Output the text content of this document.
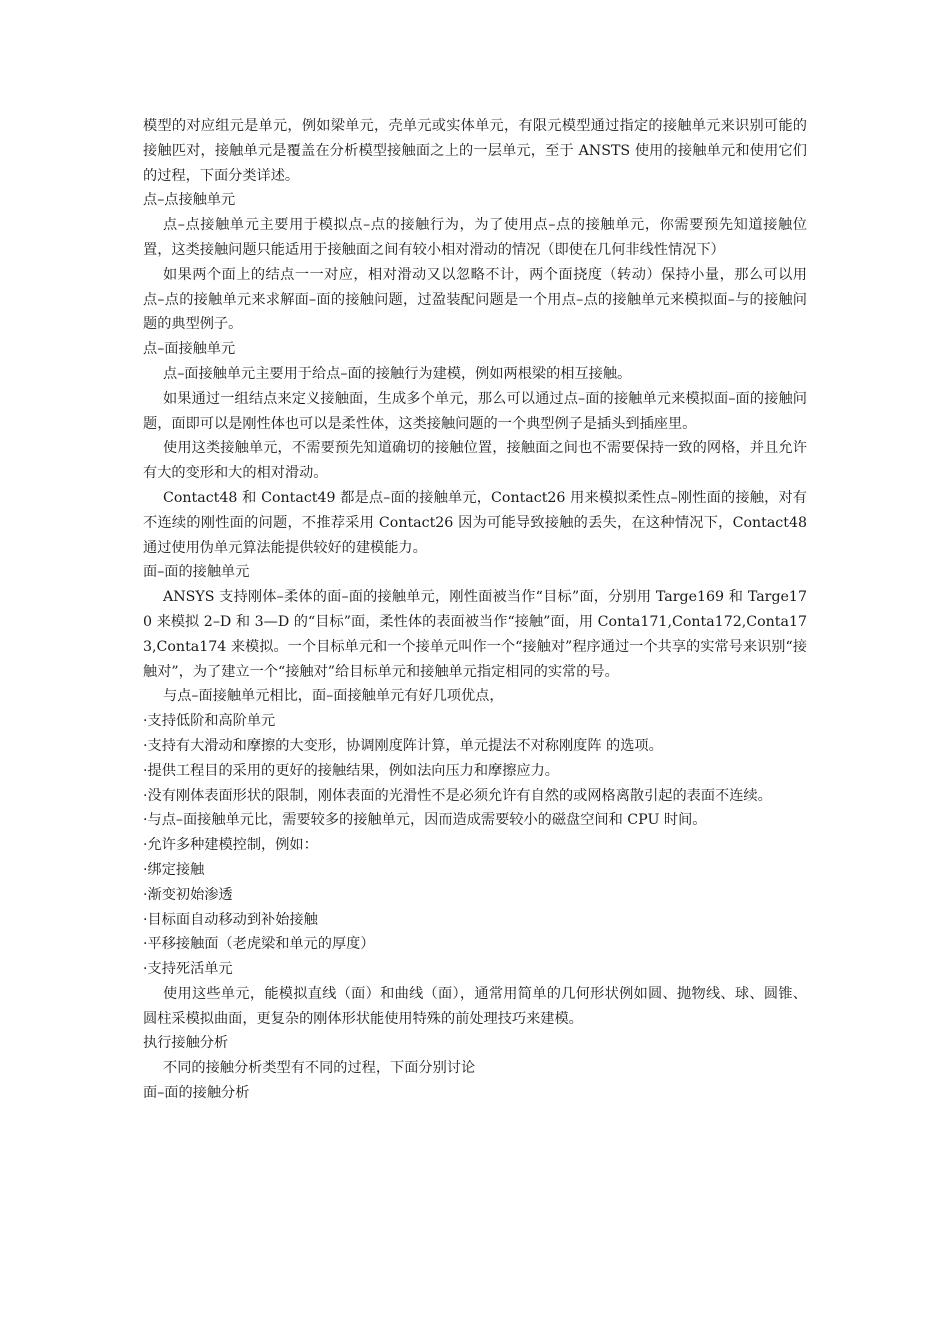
模型的对应组元是单元，例如梁单元，壳单元或实体单元，有限元模型通过指定的接触单元来识别可能的接触匹对，接触单元是覆盖在分析模型接触面之上的一层单元，至于 ANSTS 使用的接触单元和使用它们的过程，下面分类详述。

点–点接触单元

点–点接触单元主要用于模拟点–点的接触行为，为了使用点–点的接触单元，你需要预先知道接触位置，这类接触问题只能适用于接触面之间有较小相对滑动的情况（即使在几何非线性情况下）

如果两个面上的结点一一对应，相对滑动又以忽略不计，两个面挠度（转动）保持小量，那么可以用点–点的接触单元来求解面–面的接触问题，过盈装配问题是一个用点–点的接触单元来模拟面–与的接触问题的典型例子。

点–面接触单元

点–面接触单元主要用于给点–面的接触行为建模，例如两根梁的相互接触。

如果通过一组结点来定义接触面，生成多个单元，那么可以通过点–面的接触单元来模拟面–面的接触问题，面即可以是刚性体也可以是柔性体，这类接触问题的一个典型例子是插头到插座里。

使用这类接触单元，不需要预先知道确切的接触位置，接触面之间也不需要保持一致的网格，并且允许有大的变形和大的相对滑动。

Contact48 和 Contact49 都是点–面的接触单元，Contact26 用来模拟柔性点–刚性面的接触，对有不连续的刚性面的问题，不推荐采用 Contact26 因为可能导致接触的丢失，在这种情况下，Contact48 通过使用伪单元算法能提供较好的建模能力。

面–面的接触单元

ANSYS 支持刚体–柔体的面–面的接触单元，刚性面被当作“目标”面，分别用 Targe169 和 Targe170 来模拟 2–D 和 3—D 的“目标”面，柔性体的表面被当作“接触”面，用 Conta171,Conta172,Conta173,Conta174 来模拟。一个目标单元和一个接单元叫作一个“接触对”程序通过一个共享的实常号来识别“接触对”，为了建立一个“接触对”给目标单元和接触单元指定相同的实常的号。

与点–面接触单元相比，面–面接触单元有好几项优点，

·支持低阶和高阶单元

·支持有大滑动和摩擦的大变形，协调刚度阵计算，单元提法不对称刚度阵 的选项。

·提供工程目的采用的更好的接触结果，例如法向压力和摩擦应力。

·没有刚体表面形状的限制，刚体表面的光滑性不是必须允许有自然的或网格离散引起的表面不连续。

·与点–面接触单元比，需要较多的接触单元，因而造成需要较小的磁盘空间和 CPU 时间。

·允许多种建模控制，例如：

·绑定接触

·渐变初始渗透

·目标面自动移动到补始接触

·平移接触面（老虎梁和单元的厚度）

·支持死活单元

使用这些单元，能模拟直线（面）和曲线（面），通常用简单的几何形状例如圆、抛物线、球、圆锥、圆柱采模拟曲面，更复杂的刚体形状能使用特殊的前处理技巧来建模。

执行接触分析

不同的接触分析类型有不同的过程，下面分别讨论

面–面的接触分析
